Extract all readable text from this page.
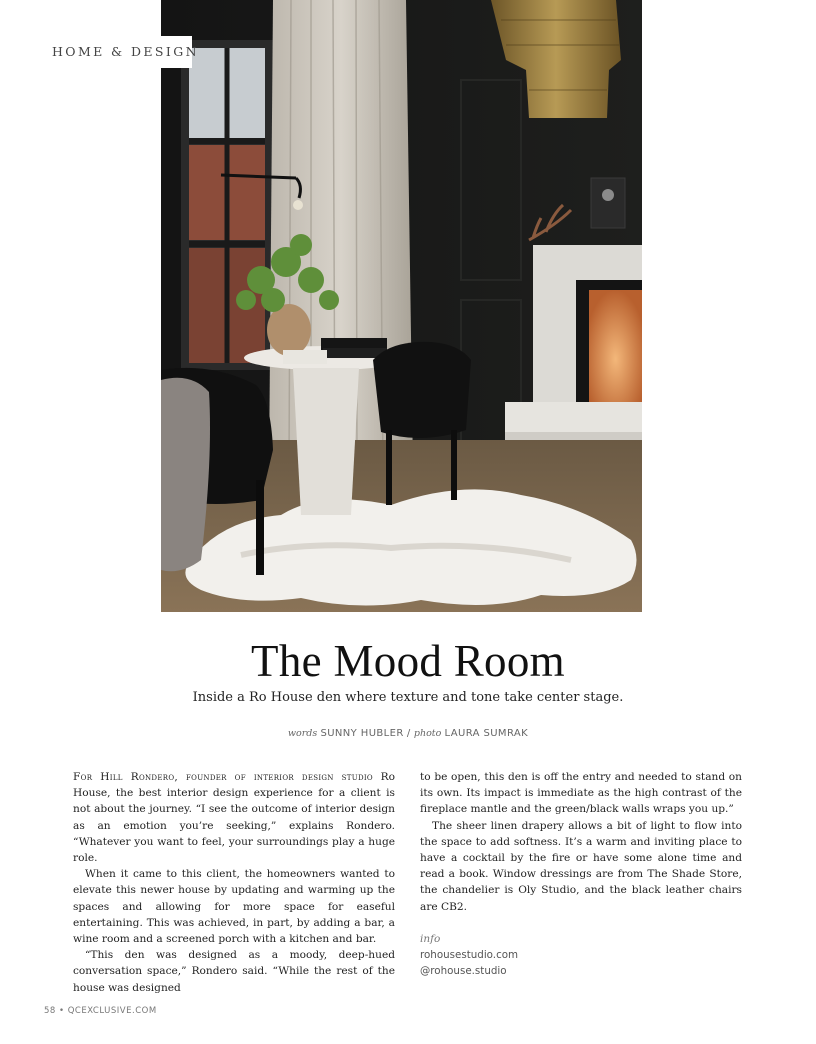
HOME & DESIGN
The Mood Room
Inside a Ro House den where texture and tone take center stage.
words SUNNY HUBLER / photo LAURA SUMRAK

For Hill Rondero, founder of interior design studio Ro House, the best interior design experience for a client is not about the journey. “I see the outcome of interior design as an emotion you’re seeking,” explains Rondero. “Whatever you want to feel, your surroundings play a huge role.

When it came to this client, the homeowners wanted to elevate this newer house by updating and warming up the spaces and allowing for more space for easeful entertaining. This was achieved, in part, by adding a bar, a wine room and a screened porch with a kitchen and bar.

“This den was designed as a moody, deep-hued conversation space,” Rondero said. “While the rest of the house was designed

to be open, this den is off the entry and needed to stand on its own. Its impact is immediate as the high contrast of the fireplace mantle and the green/black walls wraps you up.”

The sheer linen drapery allows a bit of light to flow into the space to add softness. It’s a warm and inviting place to have a cocktail by the fire or have some alone time and read a book. Window dressings are from The Shade Store, the chandelier is Oly Studio, and the black leather chairs are CB2.

info

rohousestudio.com
@rohouse.studio
58 • QCEXCLUSIVE.COM
